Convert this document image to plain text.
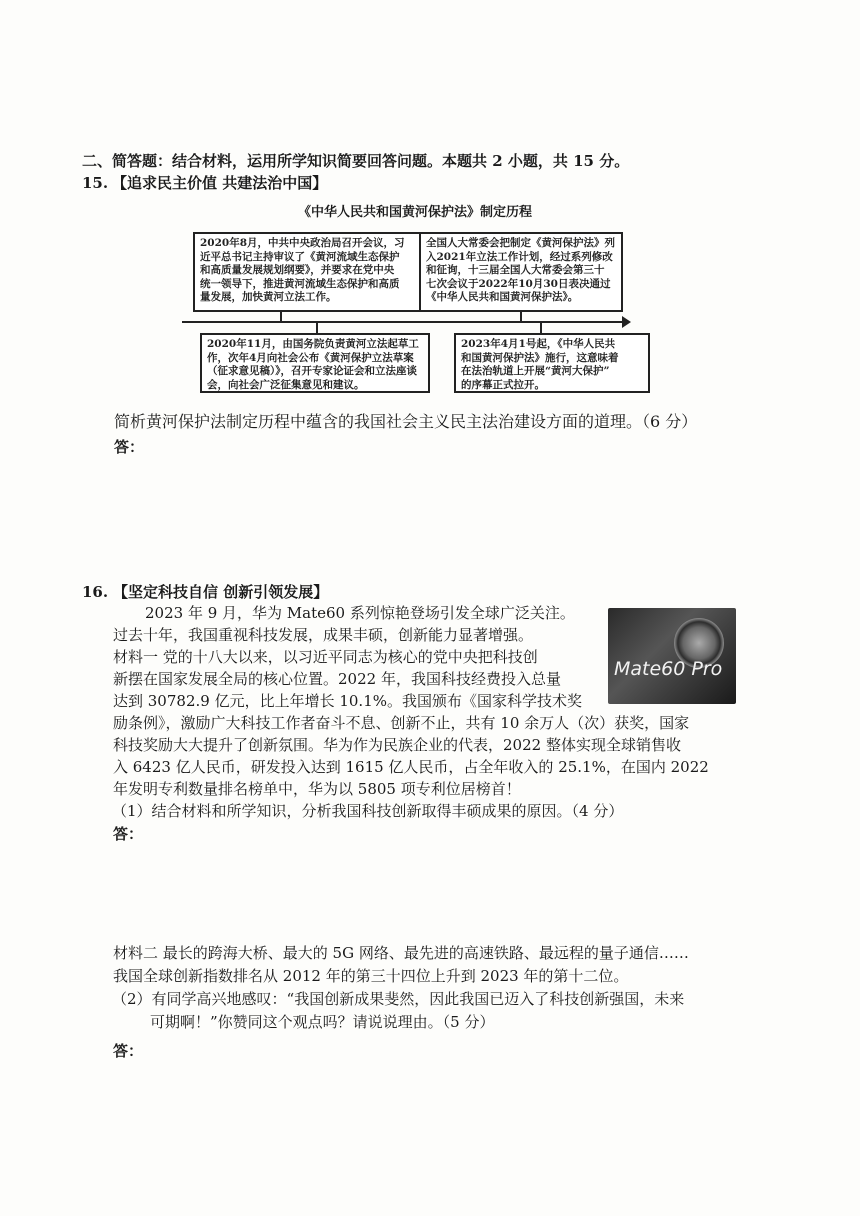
二、简答题：结合材料，运用所学知识简要回答问题。本题共 2 小题，共 15 分。
15. 【追求民主价值 共建法治中国】
《中华人民共和国黄河保护法》制定历程
2020年8月，中共中央政治局召开会议，习
近平总书记主持审议了《黄河流域生态保护
和高质量发展规划纲要》，并要求在党中央
统一领导下，推进黄河流域生态保护和高质
量发展，加快黄河立法工作。
全国人大常委会把制定《黄河保护法》列
入2021年立法工作计划，经过系列修改
和征询，十三届全国人大常委会第三十
七次会议于2022年10月30日表决通过
《中华人民共和国黄河保护法》。
2020年11月，由国务院负责黄河立法起草工
作，次年4月向社会公布《黄河保护立法草案
（征求意见稿）》，召开专家论证会和立法座谈
会，向社会广泛征集意见和建议。
2023年4月1号起，《中华人民共
和国黄河保护法》施行，这意味着
在法治轨道上开展“黄河大保护”
的序幕正式拉开。
简析黄河保护法制定历程中蕴含的我国社会主义民主法治建设方面的道理。（6 分）
答：
16. 【坚定科技自信 创新引领发展】
2023 年 9 月，华为 Mate60 系列惊艳登场引发全球广泛关注。
过去十年，我国重视科技发展，成果丰硕，创新能力显著增强。
Mate60 Pro
材料一 党的十八大以来，以习近平同志为核心的党中央把科技创
新摆在国家发展全局的核心位置。2022 年，我国科技经费投入总量
达到 30782.9 亿元，比上年增长 10.1%。我国颁布《国家科学技术奖
励条例》，激励广大科技工作者奋斗不息、创新不止，共有 10 余万人（次）获奖，国家
科技奖励大大提升了创新氛围。华为作为民族企业的代表，2022 整体实现全球销售收
入 6423 亿人民币，研发投入达到 1615 亿人民币，占全年收入的 25.1%，在国内 2022
年发明专利数量排名榜单中，华为以 5805 项专利位居榜首！
（1）结合材料和所学知识，分析我国科技创新取得丰硕成果的原因。（4 分）
答：
材料二 最长的跨海大桥、最大的 5G 网络、最先进的高速铁路、最远程的量子通信……
我国全球创新指数排名从 2012 年的第三十四位上升到 2023 年的第十二位。
（2）有同学高兴地感叹：“我国创新成果斐然，因此我国已迈入了科技创新强国，未来
可期啊！”你赞同这个观点吗？请说说理由。（5 分）
答：
